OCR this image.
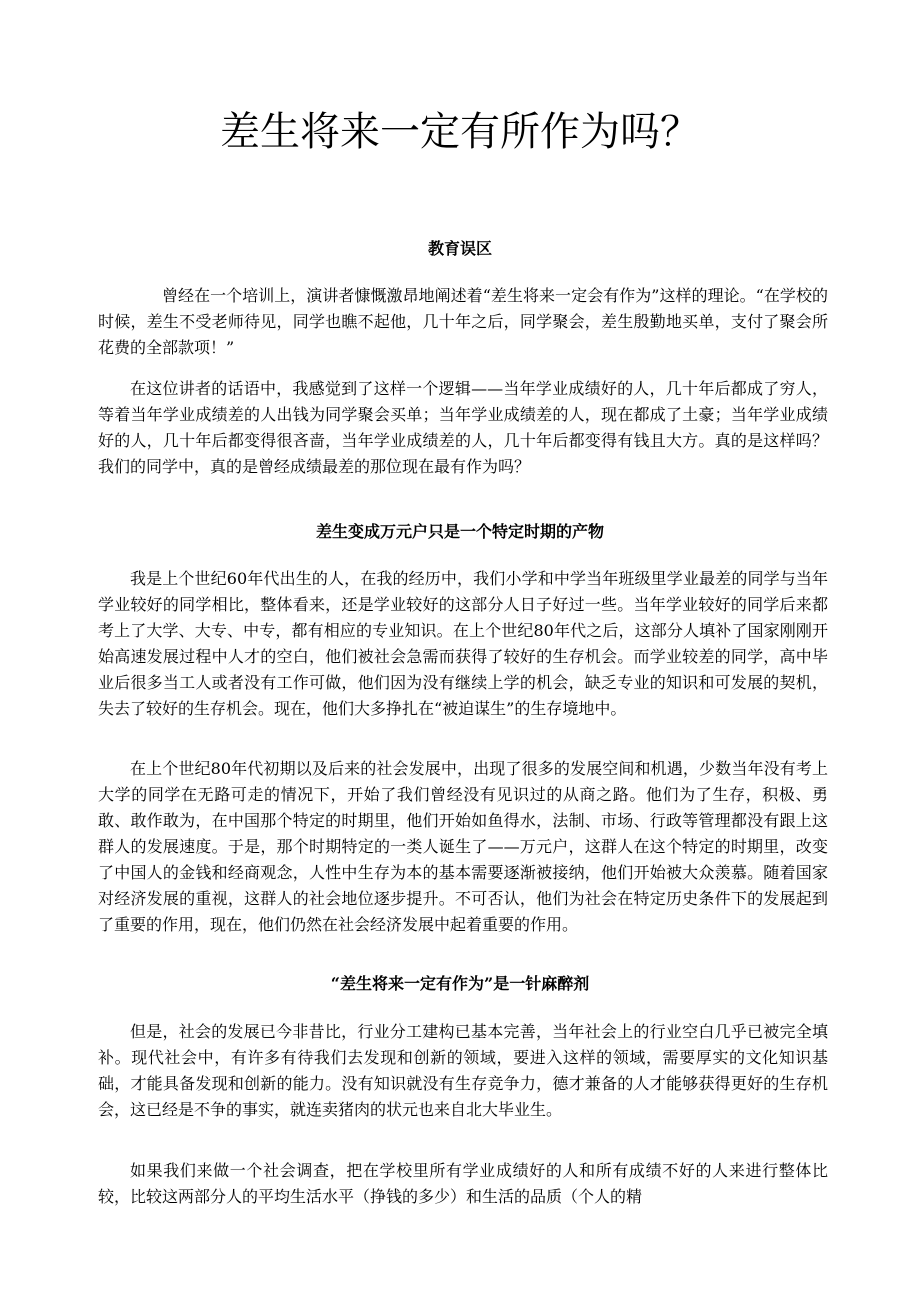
差生将来一定有所作为吗？
教育误区

曾经在一个培训上，演讲者慷慨激昂地阐述着“差生将来一定会有作为”这样的理论。“在学校的时候，差生不受老师待见，同学也瞧不起他，几十年之后，同学聚会，差生殷勤地买单，支付了聚会所花费的全部款项！”

在这位讲者的话语中，我感觉到了这样一个逻辑——当年学业成绩好的人，几十年后都成了穷人，等着当年学业成绩差的人出钱为同学聚会买单；当年学业成绩差的人，现在都成了土豪；当年学业成绩好的人，几十年后都变得很吝啬，当年学业成绩差的人，几十年后都变得有钱且大方。真的是这样吗？我们的同学中，真的是曾经成绩最差的那位现在最有作为吗？

差生变成万元户只是一个特定时期的产物

我是上个世纪60年代出生的人，在我的经历中，我们小学和中学当年班级里学业最差的同学与当年学业较好的同学相比，整体看来，还是学业较好的这部分人日子好过一些。当年学业较好的同学后来都考上了大学、大专、中专，都有相应的专业知识。在上个世纪80年代之后，这部分人填补了国家刚刚开始高速发展过程中人才的空白，他们被社会急需而获得了较好的生存机会。而学业较差的同学，高中毕业后很多当工人或者没有工作可做，他们因为没有继续上学的机会，缺乏专业的知识和可发展的契机，失去了较好的生存机会。现在，他们大多挣扎在“被迫谋生”的生存境地中。

在上个世纪80年代初期以及后来的社会发展中，出现了很多的发展空间和机遇，少数当年没有考上大学的同学在无路可走的情况下，开始了我们曾经没有见识过的从商之路。他们为了生存，积极、勇敢、敢作敢为，在中国那个特定的时期里，他们开始如鱼得水，法制、市场、行政等管理都没有跟上这群人的发展速度。于是，那个时期特定的一类人诞生了——万元户，这群人在这个特定的时期里，改变了中国人的金钱和经商观念，人性中生存为本的基本需要逐渐被接纳，他们开始被大众羡慕。随着国家对经济发展的重视，这群人的社会地位逐步提升。不可否认，他们为社会在特定历史条件下的发展起到了重要的作用，现在，他们仍然在社会经济发展中起着重要的作用。

“差生将来一定有作为”是一针麻醉剂

但是，社会的发展已今非昔比，行业分工建构已基本完善，当年社会上的行业空白几乎已被完全填补。现代社会中，有许多有待我们去发现和创新的领域，要进入这样的领域，需要厚实的文化知识基础，才能具备发现和创新的能力。没有知识就没有生存竞争力，德才兼备的人才能够获得更好的生存机会，这已经是不争的事实，就连卖猪肉的状元也来自北大毕业生。

如果我们来做一个社会调查，把在学校里所有学业成绩好的人和所有成绩不好的人来进行整体比较，比较这两部分人的平均生活水平（挣钱的多少）和生活的品质（个人的精
